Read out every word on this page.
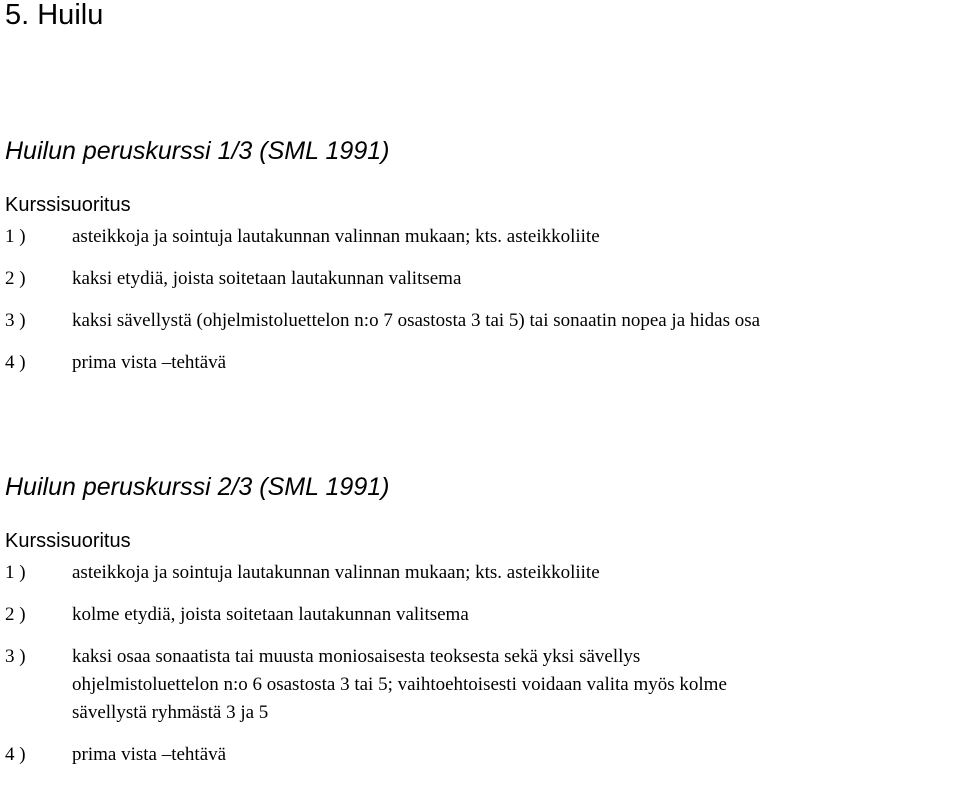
5. Huilu
Huilun peruskurssi 1/3 (SML 1991)
Kurssisuoritus
1 )	asteikkoja ja sointuja lautakunnan valinnan mukaan; kts. asteikkoliite
2 )	kaksi etydiä, joista soitetaan lautakunnan valitsema
3 )	kaksi sävellystä (ohjelmistoluettelon n:o 7 osastosta 3 tai 5) tai sonaatin nopea ja hidas osa
4 )	prima vista –tehtävä
Huilun peruskurssi 2/3 (SML 1991)
Kurssisuoritus
1 )	asteikkoja ja sointuja lautakunnan valinnan mukaan; kts. asteikkoliite
2 )	kolme etydiä, joista soitetaan lautakunnan valitsema
3 )	kaksi osaa sonaatista tai muusta moniosaisesta teoksesta sekä yksi sävellys
ohjelmistoluettelon n:o 6 osastosta 3 tai 5; vaihtoehtoisesti voidaan valita myös kolme
sävellystä ryhmästä 3 ja 5
4 )	prima vista –tehtävä
